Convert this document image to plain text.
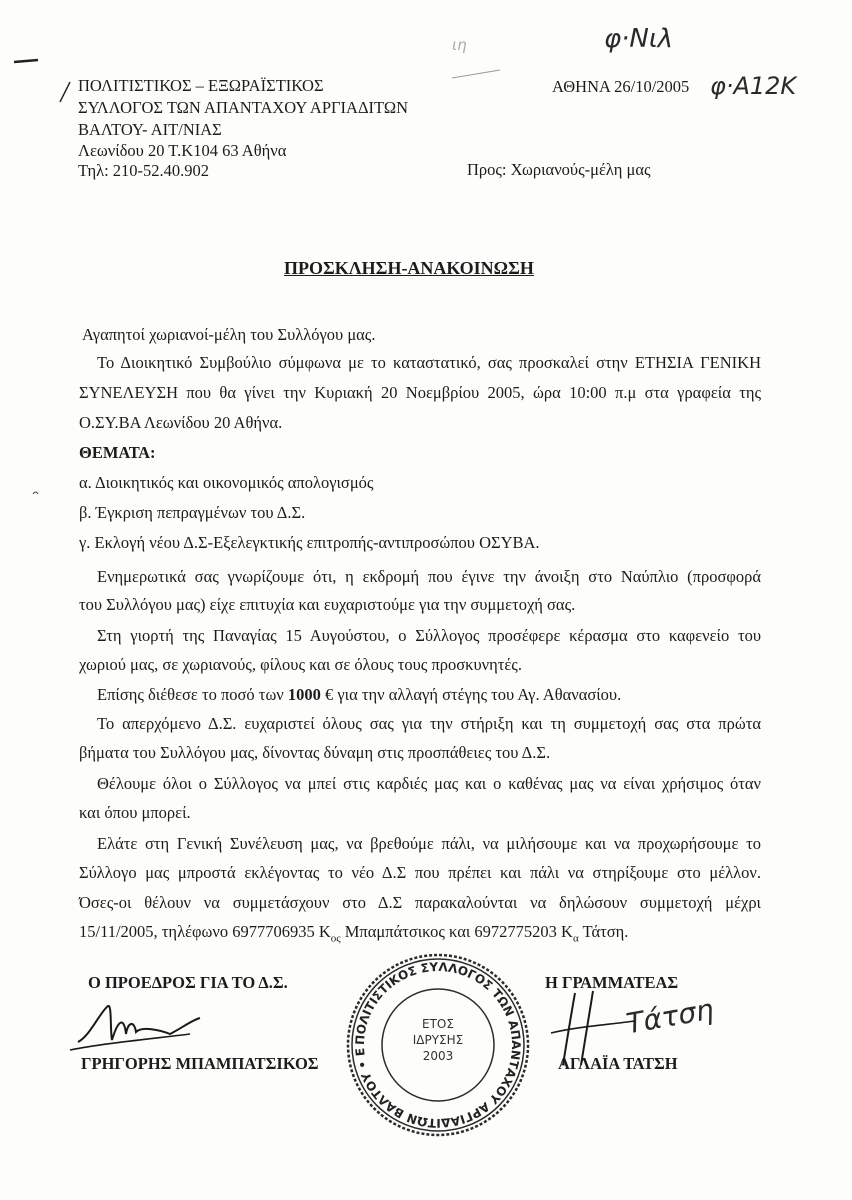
ιη	φ·Νιλ
φ·Α12Κ
ΠΟΛΙΤΙΣΤΙΚΟΣ – ΕΞΩΡΑΪΣΤΙΚΟΣ
ΣΥΛΛΟΓΟΣ ΤΩΝ ΑΠΑΝΤΑΧΟΥ ΑΡΓΙΑΔΙΤΩΝ
ΒΑΛΤΟΥ- ΑΙΤ/ΝΙΑΣ
Λεωνίδου 20 Τ.Κ104 63 Αθήνα
Τηλ: 210-52.40.902
ΑΘΗΝΑ 26/10/2005
Προς: Χωριανούς-μέλη μας
ΠΡΟΣΚΛΗΣΗ-ΑΝΑΚΟΙΝΩΣΗ
Αγαπητοί χωριανοί-μέλη του Συλλόγου μας.
Το Διοικητικό Συμβούλιο σύμφωνα με το καταστατικό, σας προσκαλεί στην ΕΤΗΣΙΑ ΓΕΝΙΚΗ
ΣΥΝΕΛΕΥΣΗ που θα γίνει την Κυριακή 20 Νοεμβρίου 2005, ώρα 10:00 π.μ στα γραφεία της
Ο.ΣΥ.ΒΑ Λεωνίδου 20 Αθήνα.
ΘΕΜΑΤΑ:
α. Διοικητικός και οικονομικός απολογισμός
β. Έγκριση πεπραγμένων του Δ.Σ.
γ. Εκλογή νέου Δ.Σ-Εξελεγκτικής επιτροπής-αντιπροσώπου ΟΣΥΒΑ.
Ενημερωτικά σας γνωρίζουμε ότι, η εκδρομή που έγινε την άνοιξη στο Ναύπλιο (προσφορά
του Συλλόγου μας) είχε επιτυχία και ευχαριστούμε για την συμμετοχή σας.
Στη γιορτή της Παναγίας 15 Αυγούστου, ο Σύλλογος προσέφερε κέρασμα στο καφενείο του
χωριού μας, σε χωριανούς, φίλους και σε όλους τους προσκυνητές.
Επίσης διέθεσε το ποσό των 1000 € για την αλλαγή στέγης του Αγ. Αθανασίου.
Το απερχόμενο Δ.Σ. ευχαριστεί όλους σας για την στήριξη και τη συμμετοχή σας στα πρώτα
βήματα του Συλλόγου μας, δίνοντας δύναμη στις προσπάθειες του Δ.Σ.
Θέλουμε όλοι ο Σύλλογος να μπεί στις καρδιές μας και ο καθένας μας να είναι χρήσιμος όταν
και όπου μπορεί.
Ελάτε στη Γενική Συνέλευση μας, να βρεθούμε πάλι, να μιλήσουμε και να προχωρήσουμε το
Σύλλογο μας μπροστά εκλέγοντας το νέο Δ.Σ που πρέπει και πάλι να στηρίξουμε στο μέλλον.
Όσες-οι θέλουν να συμμετάσχουν στο Δ.Σ παρακαλούνται να δηλώσουν συμμετοχή μέχρι
15/11/2005, τηλέφωνο 6977706935 $K_{o\varsigma}$ Μπαμπάτσικος και 6972775203 $K_\alpha$ Τάτση.
Ο ΠΡΟΕΔΡΟΣ ΓΙΑ ΤΟ Δ.Σ.
ΓΡΗΓΟΡΗΣ ΜΠΑΜΠΑΤΣΙΚΟΣ
Η ΓΡΑΜΜΑΤΕΑΣ
ΑΓΛΑΪΑ ΤΑΤΣΗ
Τάτση
ΠΟΛΙΤΙΣΤΙΚΟΣ ΣΥΛΛΟΓΟΣ ΤΩΝ ΑΠΑΝΤΑΧΟΥ ΑΡΓΙΑΔΙΤΩΝ ΒΑΛΤΟΥ • ΕΞΩΡΑΪΣΤΙΚΟΣ &
ΕΤΟΣ
ΙΔΡΥΣΗΣ
2003
